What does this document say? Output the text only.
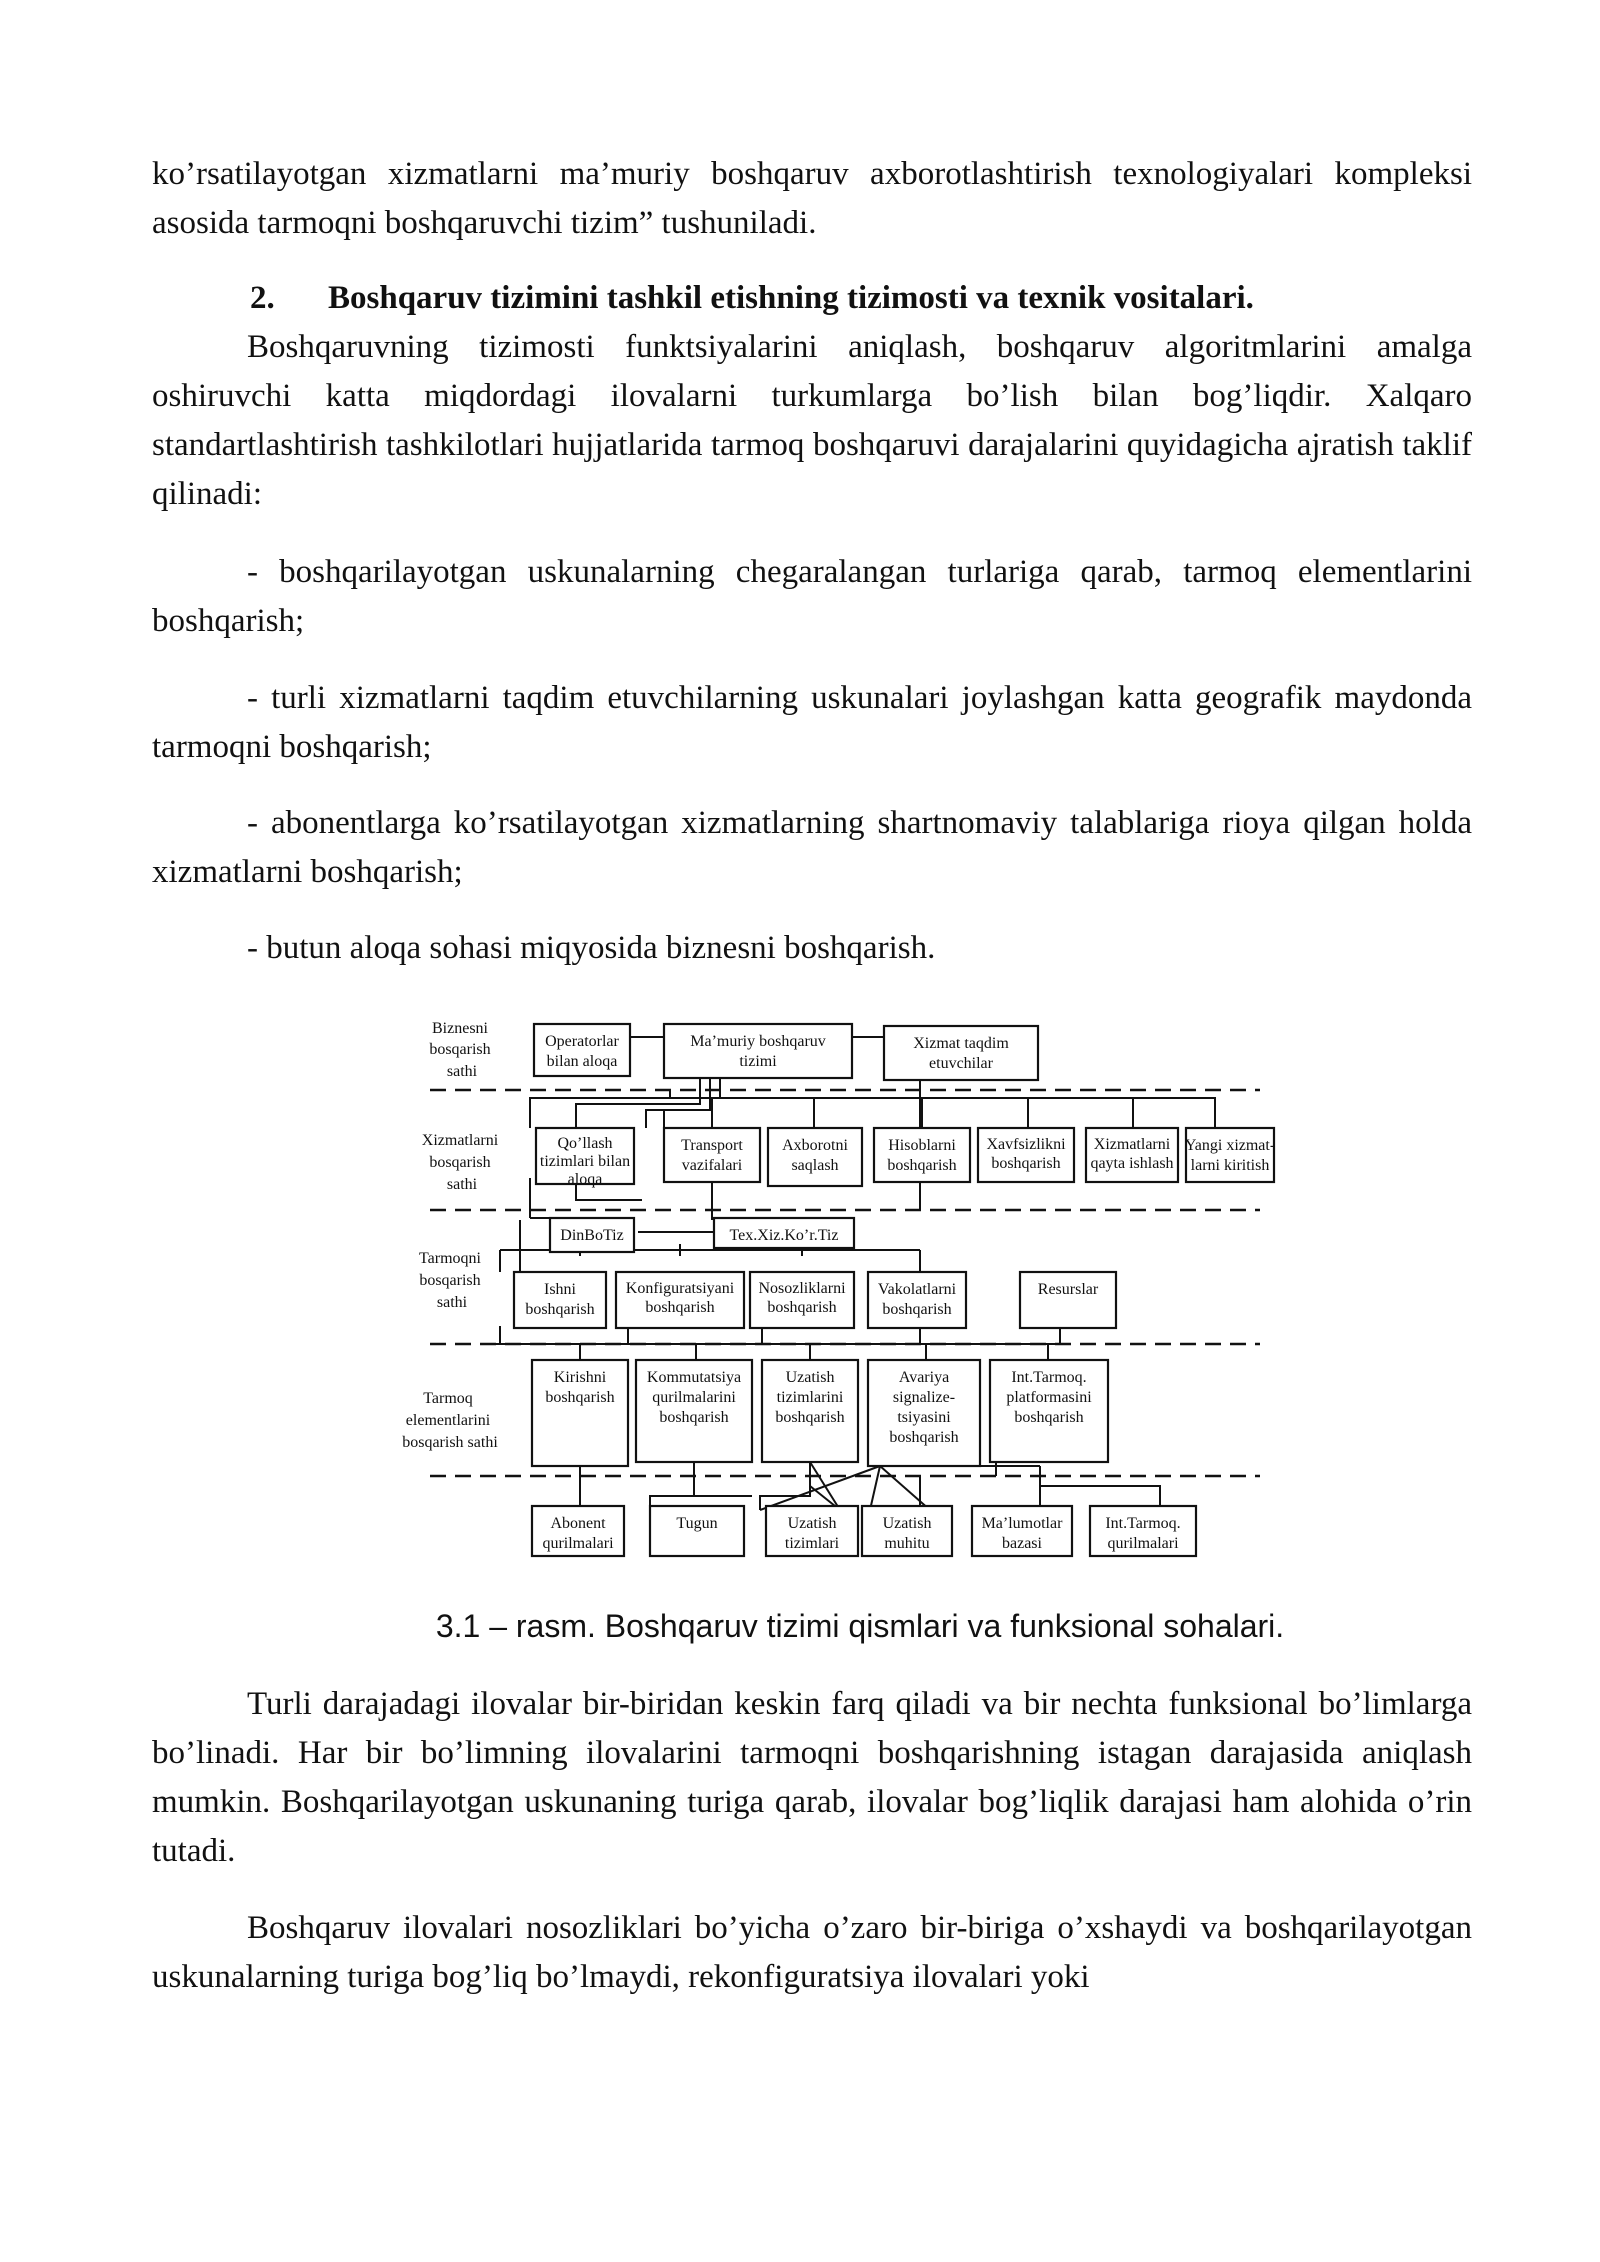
ko’rsatilayotgan xizmatlarni ma’muriy boshqaruv axborotlashtirish texnologiyalari kompleksi asosida tarmoqni boshqaruvchi tizim” tushuniladi.

2. Boshqaruv tizimini tashkil etishning tizimosti va texnik vositalari.

Boshqaruvning tizimosti funktsiyalarini aniqlash, boshqaruv algoritmlarini amalga oshiruvchi katta miqdordagi ilovalarni turkumlarga bo’lish bilan bog’liqdir. Xalqaro standartlashtirish tashkilotlari hujjatlarida tarmoq boshqaruvi darajalarini quyidagicha ajratish taklif qilinadi:

- boshqarilayotgan uskunalarning chegaralangan turlariga qarab, tarmoq elementlarini boshqarish;

- turli xizmatlarni taqdim etuvchilarning uskunalari joylashgan katta geografik maydonda tarmoqni boshqarish;

- abonentlarga ko’rsatilayotgan xizmatlarning shartnomaviy talablariga rioya qilgan holda xizmatlarni boshqarish;

- butun aloqa sohasi miqyosida biznesni boshqarish.

Biznesni bosqarish sathi
Xizmatlarni bosqarish sathi
Tarmoqni bosqarish sathi
Tarmoq elementlarini bosqarish sathi
Operatorlar
bilan aloqa
Ma’muriy boshqaruv
tizimi
Xizmat taqdim
etuvchilar
Qo’llash
tizimlari bilan
aloqa
Transport
vazifalari
Axborotni
saqlash
Hisoblarni
boshqarish
Xavfsizlikni
boshqarish
Xizmatlarni
qayta ishlash
Yangi xizmat-
larni kiritish
DinBoTiz	Tex.Xiz.Ko’r.Tiz
Ishni
boshqarish
Konfiguratsiyani
boshqarish
Nosozliklarni
boshqarish
Vakolatlarni
boshqarish
Resurslar
Kirishni
boshqarish
Kommutatsiya
qurilmalarini
boshqarish
Uzatish
tizimlarini
boshqarish
Avariya
signalize-
tsiyasini
boshqarish
Int.Tarmoq.
platformasini
boshqarish
Abonent
qurilmalari
Tugun	Uzatish
tizimlari
Uzatish
muhitu
Ma’lumotlar
bazasi
Int.Tarmoq.
qurilmalari

3.1 – rasm. Boshqaruv tizimi qismlari va funksional sohalari.

Turli darajadagi ilovalar bir-biridan keskin farq qiladi va bir nechta funksional bo’limlarga bo’linadi. Har bir bo’limning ilovalarini tarmoqni boshqarishning istagan darajasida aniqlash mumkin. Boshqarilayotgan uskunaning turiga qarab, ilovalar bog’liqlik darajasi ham alohida o’rin tutadi.

Boshqaruv ilovalari nosozliklari bo’yicha o’zaro bir-biriga o’xshaydi va boshqarilayotgan uskunalarning turiga bog’liq bo’lmaydi, rekonfiguratsiya ilovalari yoki
